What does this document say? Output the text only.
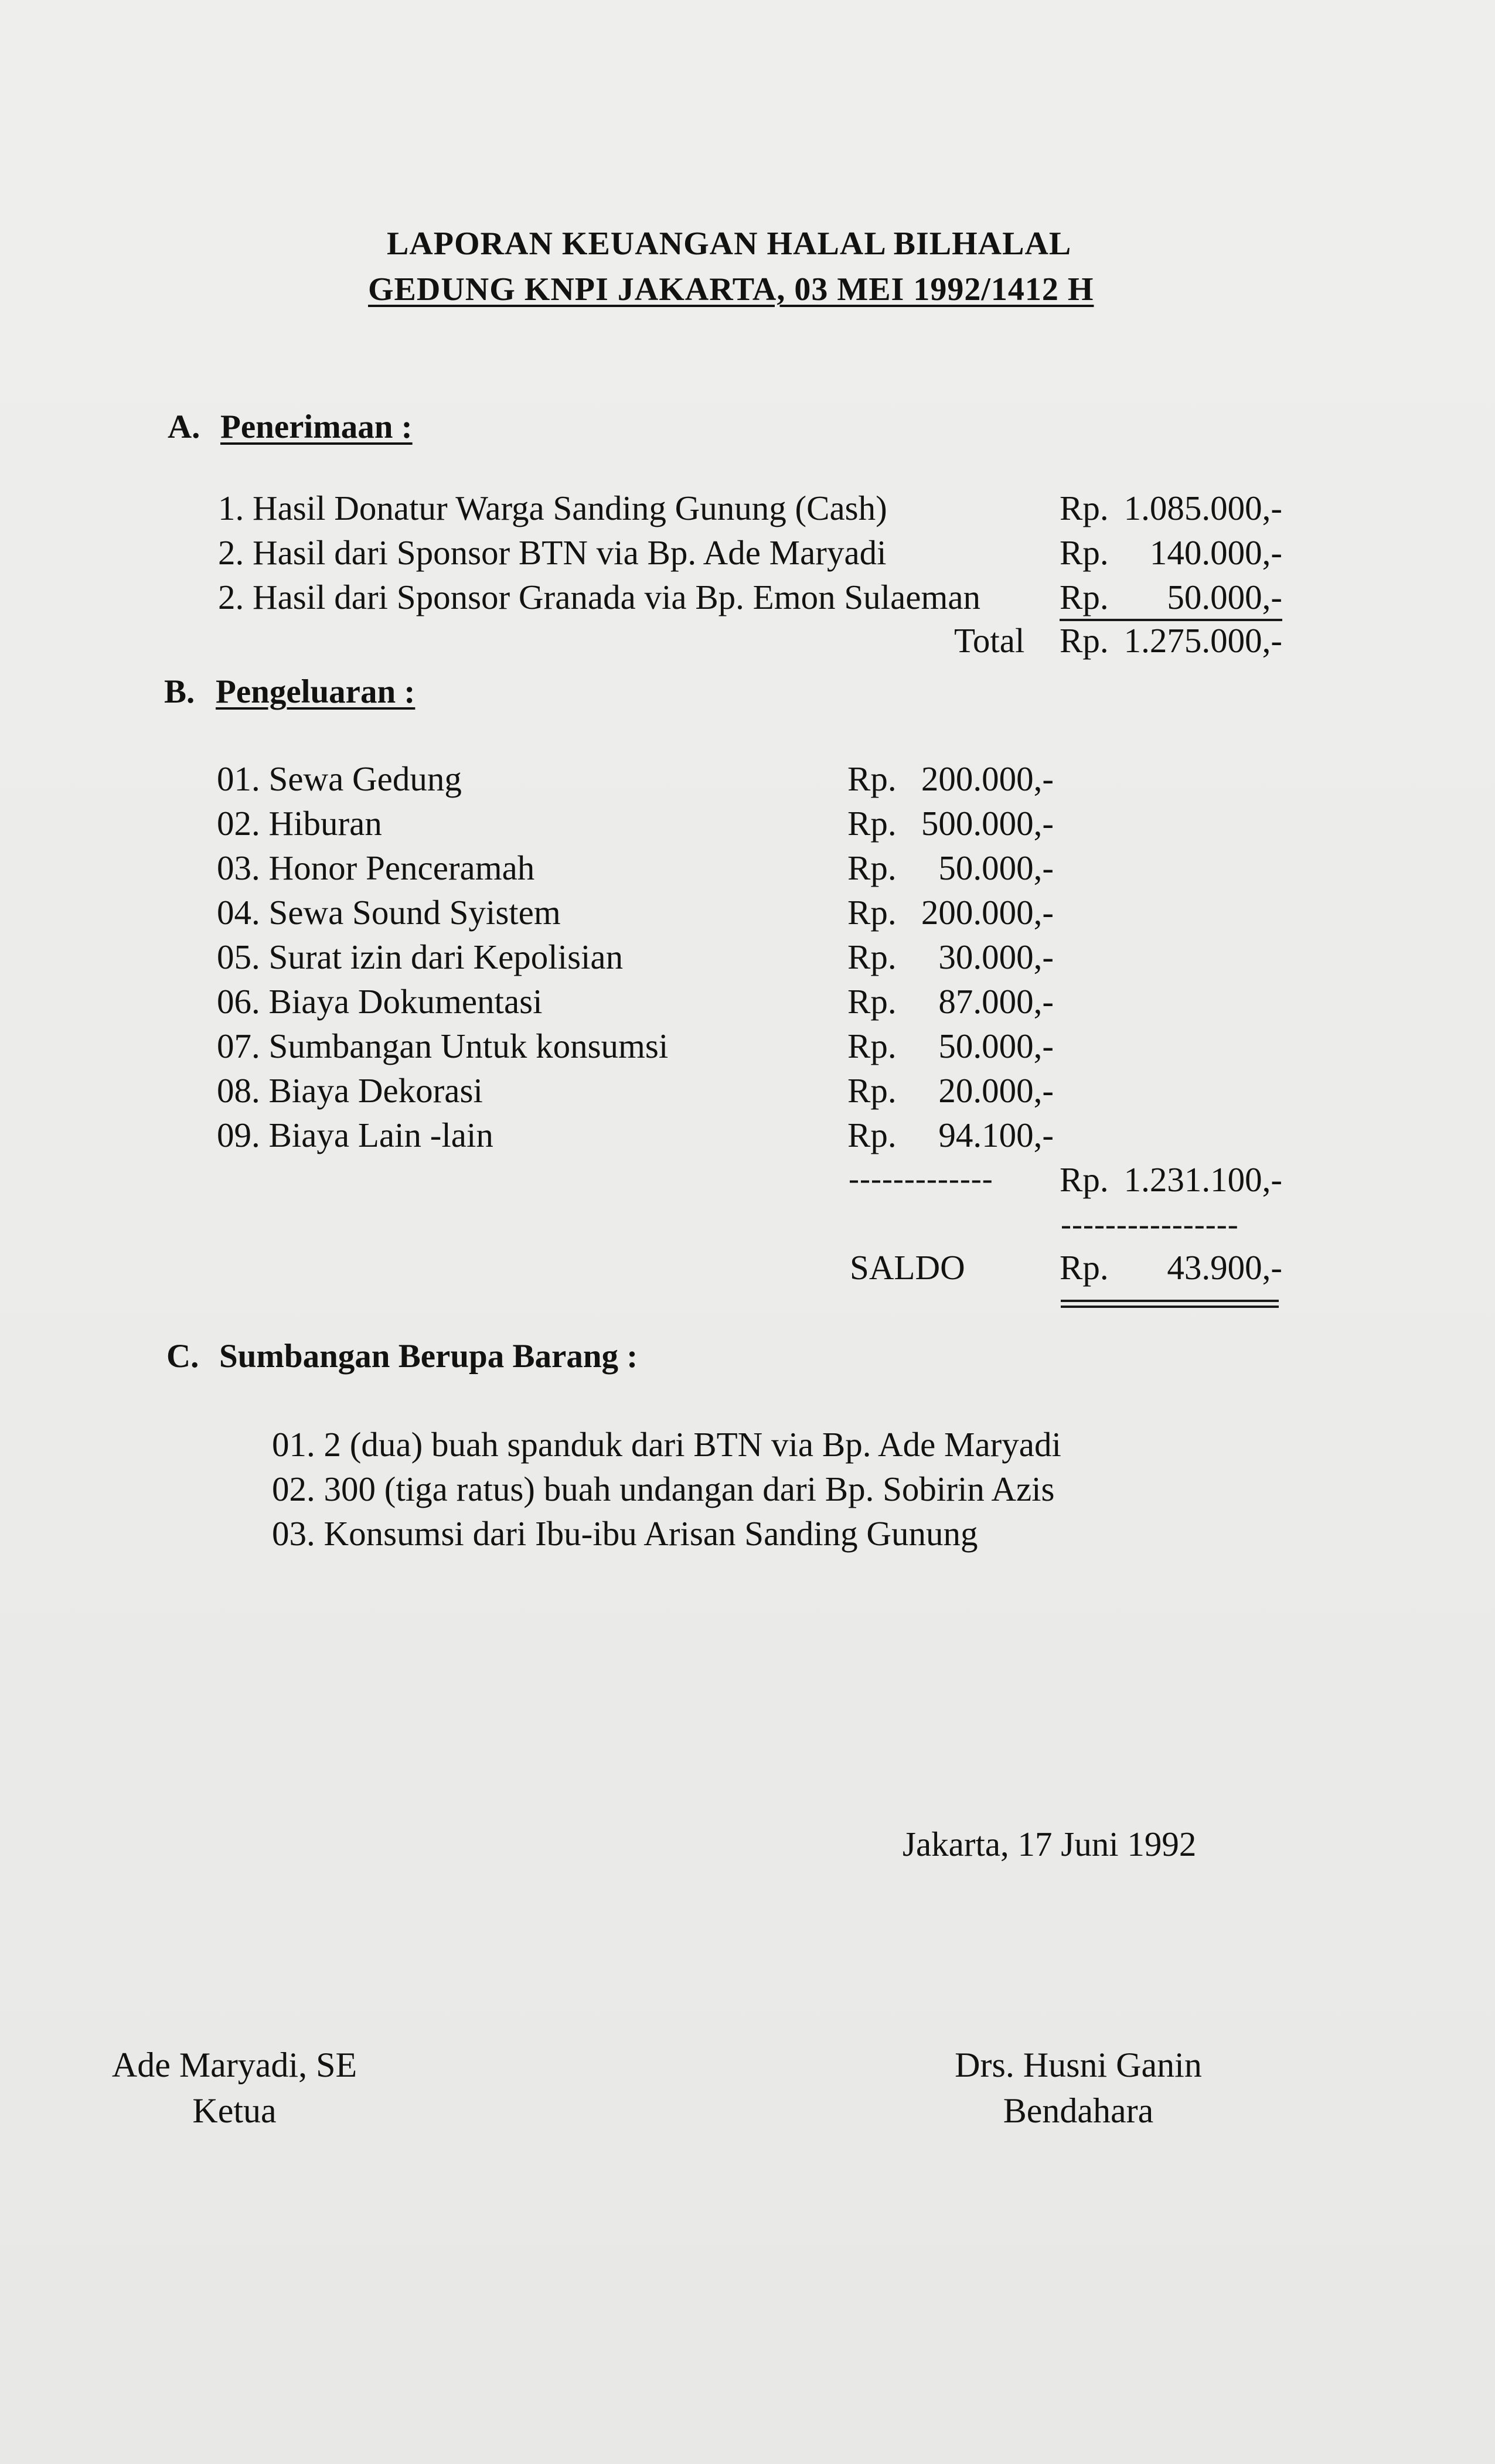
LAPORAN KEUANGAN HALAL BILHALAL
GEDUNG KNPI JAKARTA, 03 MEI 1992/1412 H
A. Penerimaan :
1. Hasil Donatur Warga Sanding Gunung (Cash)	Rp. 1.085.000,-
2. Hasil dari Sponsor BTN via Bp. Ade Maryadi	Rp. 140.000,-
2. Hasil dari Sponsor Granada via Bp. Emon Sulaeman Rp. 50.000,-
Total Rp. 1.275.000,-
B. Pengeluaran :
01. Sewa Gedung	Rp. 200.000,-
02. Hiburan	Rp. 500.000,-
03. Honor Penceramah	Rp. 50.000,-
04. Sewa Sound Syistem	Rp. 200.000,-
05. Surat izin dari Kepolisian	Rp. 30.000,-
06. Biaya Dokumentasi	Rp. 87.000,-
07. Sumbangan Untuk konsumsi	Rp. 50.000,-
08. Biaya Dekorasi	Rp. 20.000,-
09. Biaya Lain -lain	Rp. 94.100,-
------------- Rp. 1.231.100,-
----------------
SALDO	Rp. 43.900,-
C. Sumbangan Berupa Barang :
01. 2 (dua) buah spanduk dari BTN via Bp. Ade Maryadi
02. 300 (tiga ratus) buah undangan dari Bp. Sobirin Azis
03. Konsumsi dari Ibu-ibu Arisan Sanding Gunung
Jakarta, 17 Juni 1992
Ade Maryadi, SE
Ketua
Drs. Husni Ganin
Bendahara
